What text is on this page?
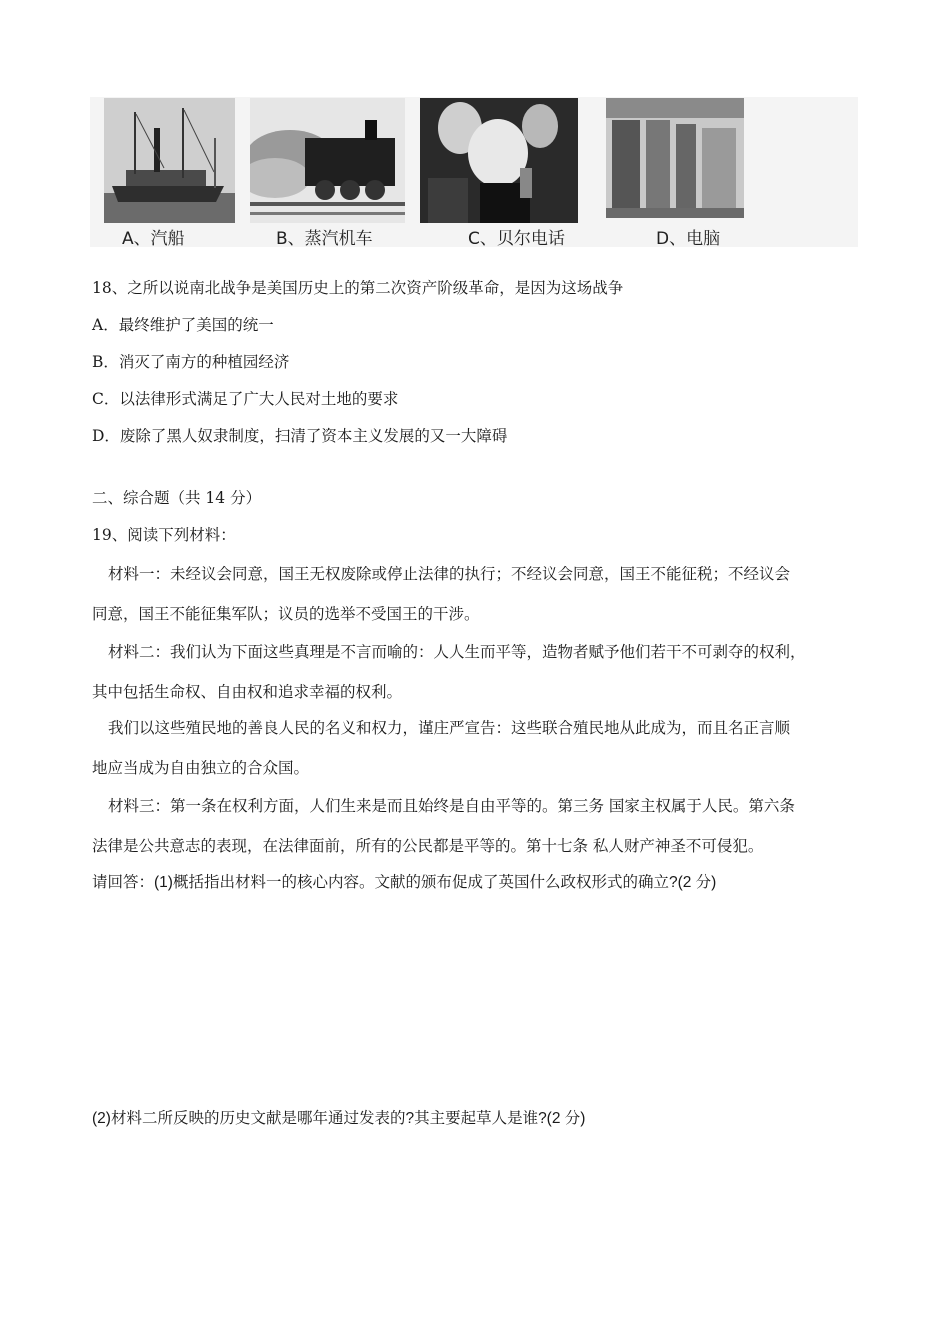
A、汽船	B、蒸汽机车	C、贝尔电话	D、电脑
18、之所以说南北战争是美国历史上的第二次资产阶级革命，是因为这场战争
A．最终维护了美国的统一
B．消灭了南方的种植园经济
C．以法律形式满足了广大人民对土地的要求
D．废除了黑人奴隶制度，扫清了资本主义发展的又一大障碍
二、综合题（共 14 分）
19、阅读下列材料：
材料一：未经议会同意，国王无权废除或停止法律的执行；不经议会同意，国王不能征税；不经议会
同意，国王不能征集军队；议员的选举不受国王的干涉。
材料二：我们认为下面这些真理是不言而喻的：人人生而平等，造物者赋予他们若干不可剥夺的权利，
其中包括生命权、自由权和追求幸福的权利。
我们以这些殖民地的善良人民的名义和权力，谨庄严宣告：这些联合殖民地从此成为，而且名正言顺
地应当成为自由独立的合众国。
材料三：第一条在权利方面，人们生来是而且始终是自由平等的。第三务 国家主权属于人民。第六条
法律是公共意志的表现，在法律面前，所有的公民都是平等的。第十七条 私人财产神圣不可侵犯。
请回答：(1)概括指出材料一的核心内容。文献的颁布促成了英国什么政权形式的确立?(2 分)
(2)材料二所反映的历史文献是哪年通过发表的?其主要起草人是谁?(2 分)
